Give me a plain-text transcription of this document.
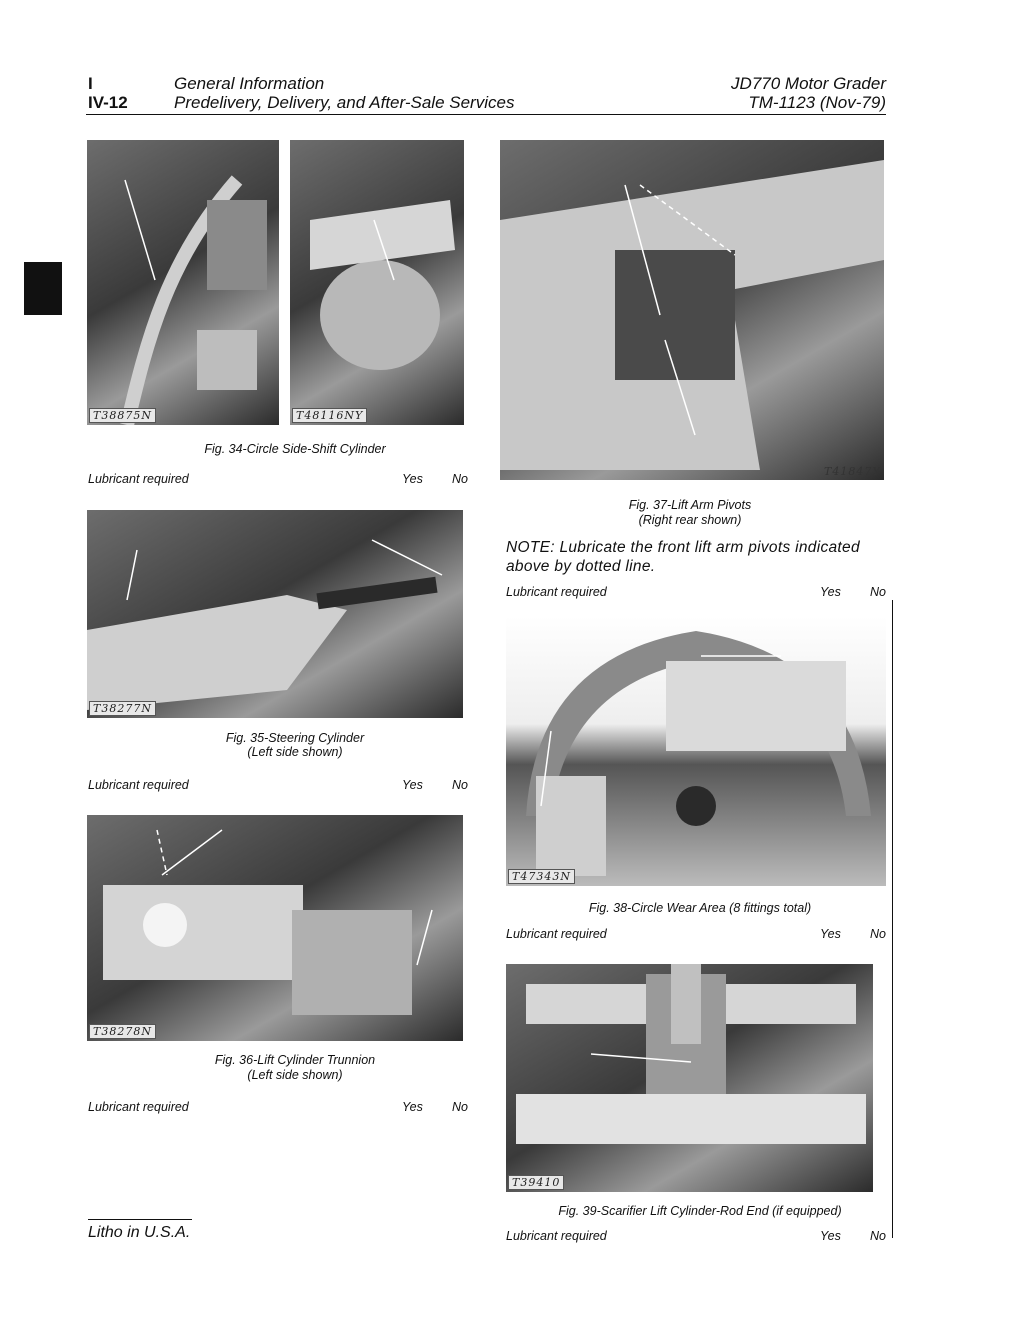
I
IV-12
General Information
Predelivery, Delivery, and After-Sale Services
JD770 Motor Grader
TM-1123 (Nov-79)
T38875N	T48116NY
Fig. 34-Circle Side-Shift Cylinder
Lubricant required	Yes No
T38277N
Fig. 35-Steering Cylinder
(Left side shown)
Lubricant required	Yes No
T38278N
Fig. 36-Lift Cylinder Trunnion
(Left side shown)
Lubricant required	Yes No
T41847Y
Fig. 37-Lift Arm Pivots
(Right rear shown)
NOTE: Lubricate the front lift arm pivots indicated above by dotted line.
Lubricant required	Yes No
T47343N
Fig. 38-Circle Wear Area (8 fittings total)
Lubricant required	Yes No
T39410
Fig. 39-Scarifier Lift Cylinder-Rod End (if equipped)
Lubricant required	Yes No
Litho in U.S.A.
